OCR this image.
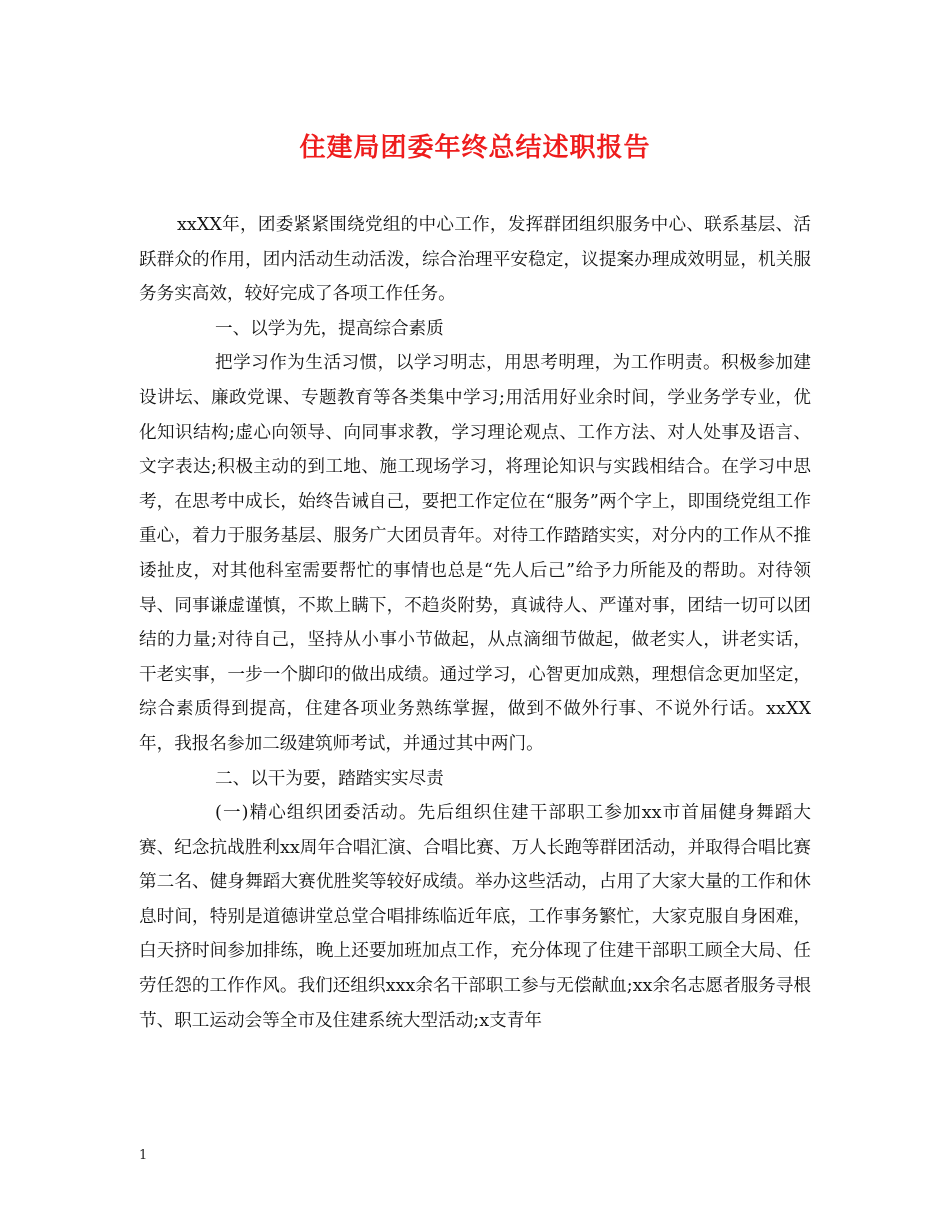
住建局团委年终总结述职报告

xxXX年，团委紧紧围绕党组的中心工作，发挥群团组织服务中心、联系基层、活跃群众的作用，团内活动生动活泼，综合治理平安稳定，议提案办理成效明显，机关服务务实高效，较好完成了各项工作任务。

一、以学为先，提高综合素质

把学习作为生活习惯，以学习明志，用思考明理，为工作明责。积极参加建设讲坛、廉政党课、专题教育等各类集中学习;用活用好业余时间，学业务学专业，优化知识结构;虚心向领导、向同事求教，学习理论观点、工作方法、对人处事及语言、文字表达;积极主动的到工地、施工现场学习，将理论知识与实践相结合。在学习中思考，在思考中成长，始终告诫自己，要把工作定位在“服务”两个字上，即围绕党组工作重心，着力于服务基层、服务广大团员青年。对待工作踏踏实实，对分内的工作从不推诿扯皮，对其他科室需要帮忙的事情也总是“先人后己”给予力所能及的帮助。对待领导、同事谦虚谨慎，不欺上瞒下，不趋炎附势，真诚待人、严谨对事，团结一切可以团结的力量;对待自己，坚持从小事小节做起，从点滴细节做起，做老实人，讲老实话，干老实事，一步一个脚印的做出成绩。通过学习，心智更加成熟，理想信念更加坚定，综合素质得到提高，住建各项业务熟练掌握，做到不做外行事、不说外行话。xxXX年，我报名参加二级建筑师考试，并通过其中两门。

二、以干为要，踏踏实实尽责

(一)精心组织团委活动。先后组织住建干部职工参加xx市首届健身舞蹈大赛、纪念抗战胜利xx周年合唱汇演、合唱比赛、万人长跑等群团活动，并取得合唱比赛第二名、健身舞蹈大赛优胜奖等较好成绩。举办这些活动，占用了大家大量的工作和休息时间，特别是道德讲堂总堂合唱排练临近年底，工作事务繁忙，大家克服自身困难，白天挤时间参加排练，晚上还要加班加点工作，充分体现了住建干部职工顾全大局、任劳任怨的工作作风。我们还组织xxx余名干部职工参与无偿献血;xx余名志愿者服务寻根节、职工运动会等全市及住建系统大型活动;x支青年

1
